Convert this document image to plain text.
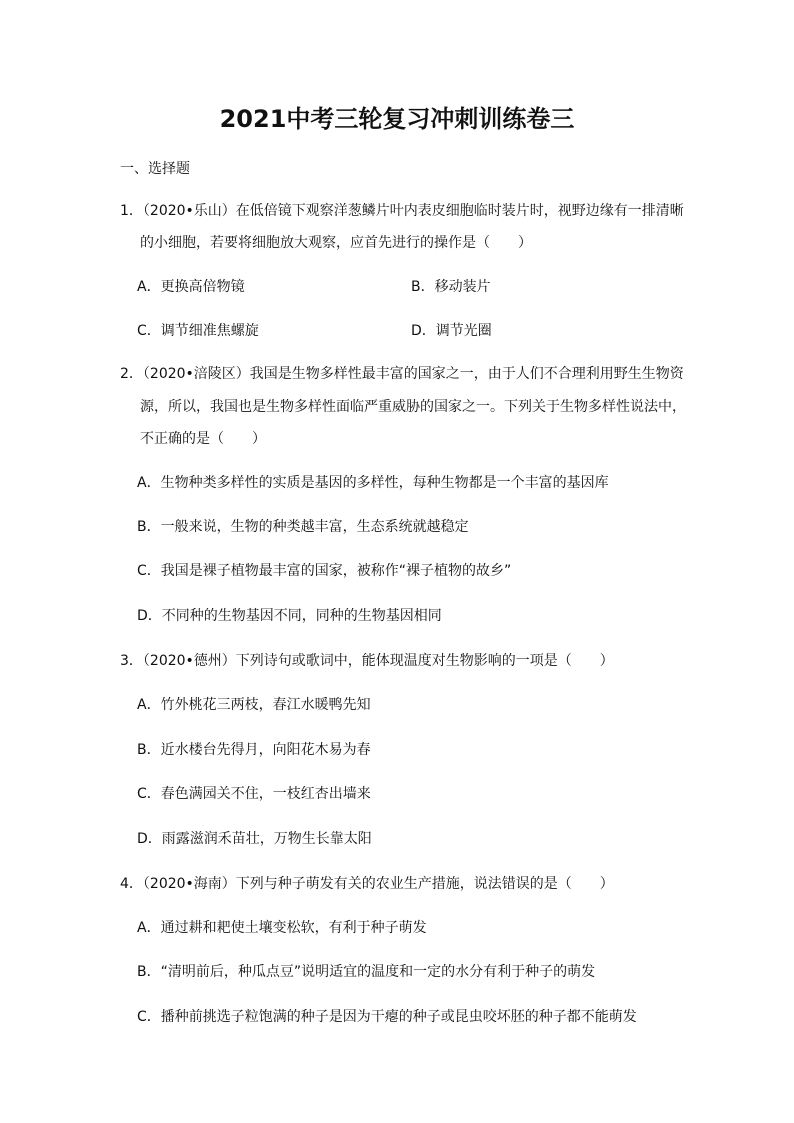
2021中考三轮复习冲刺训练卷三
一、选择题
1．（2020•乐山）在低倍镜下观察洋葱鳞片叶内表皮细胞临时装片时，视野边缘有一排清晰
的小细胞，若要将细胞放大观察，应首先进行的操作是（　　）
A．更换高倍物镜	B．移动装片
C．调节细准焦螺旋	D．调节光圈
2．（2020•涪陵区）我国是生物多样性最丰富的国家之一，由于人们不合理利用野生生物资
源，所以，我国也是生物多样性面临严重威胁的国家之一。下列关于生物多样性说法中，
不正确的是（　　）
A．生物种类多样性的实质是基因的多样性，每种生物都是一个丰富的基因库
B．一般来说，生物的种类越丰富，生态系统就越稳定
C．我国是裸子植物最丰富的国家，被称作“裸子植物的故乡”
D．不同种的生物基因不同，同种的生物基因相同
3．（2020•德州）下列诗句或歌词中，能体现温度对生物影响的一项是（　　）
A．竹外桃花三两枝，春江水暖鸭先知
B．近水楼台先得月，向阳花木易为春
C．春色满园关不住，一枝红杏出墙来
D．雨露滋润禾苗壮，万物生长靠太阳
4．（2020•海南）下列与种子萌发有关的农业生产措施，说法错误的是（　　）
A．通过耕和耙使土壤变松软，有利于种子萌发
B．“清明前后，种瓜点豆”说明适宜的温度和一定的水分有利于种子的萌发
C．播种前挑选子粒饱满的种子是因为干瘪的种子或昆虫咬坏胚的种子都不能萌发
